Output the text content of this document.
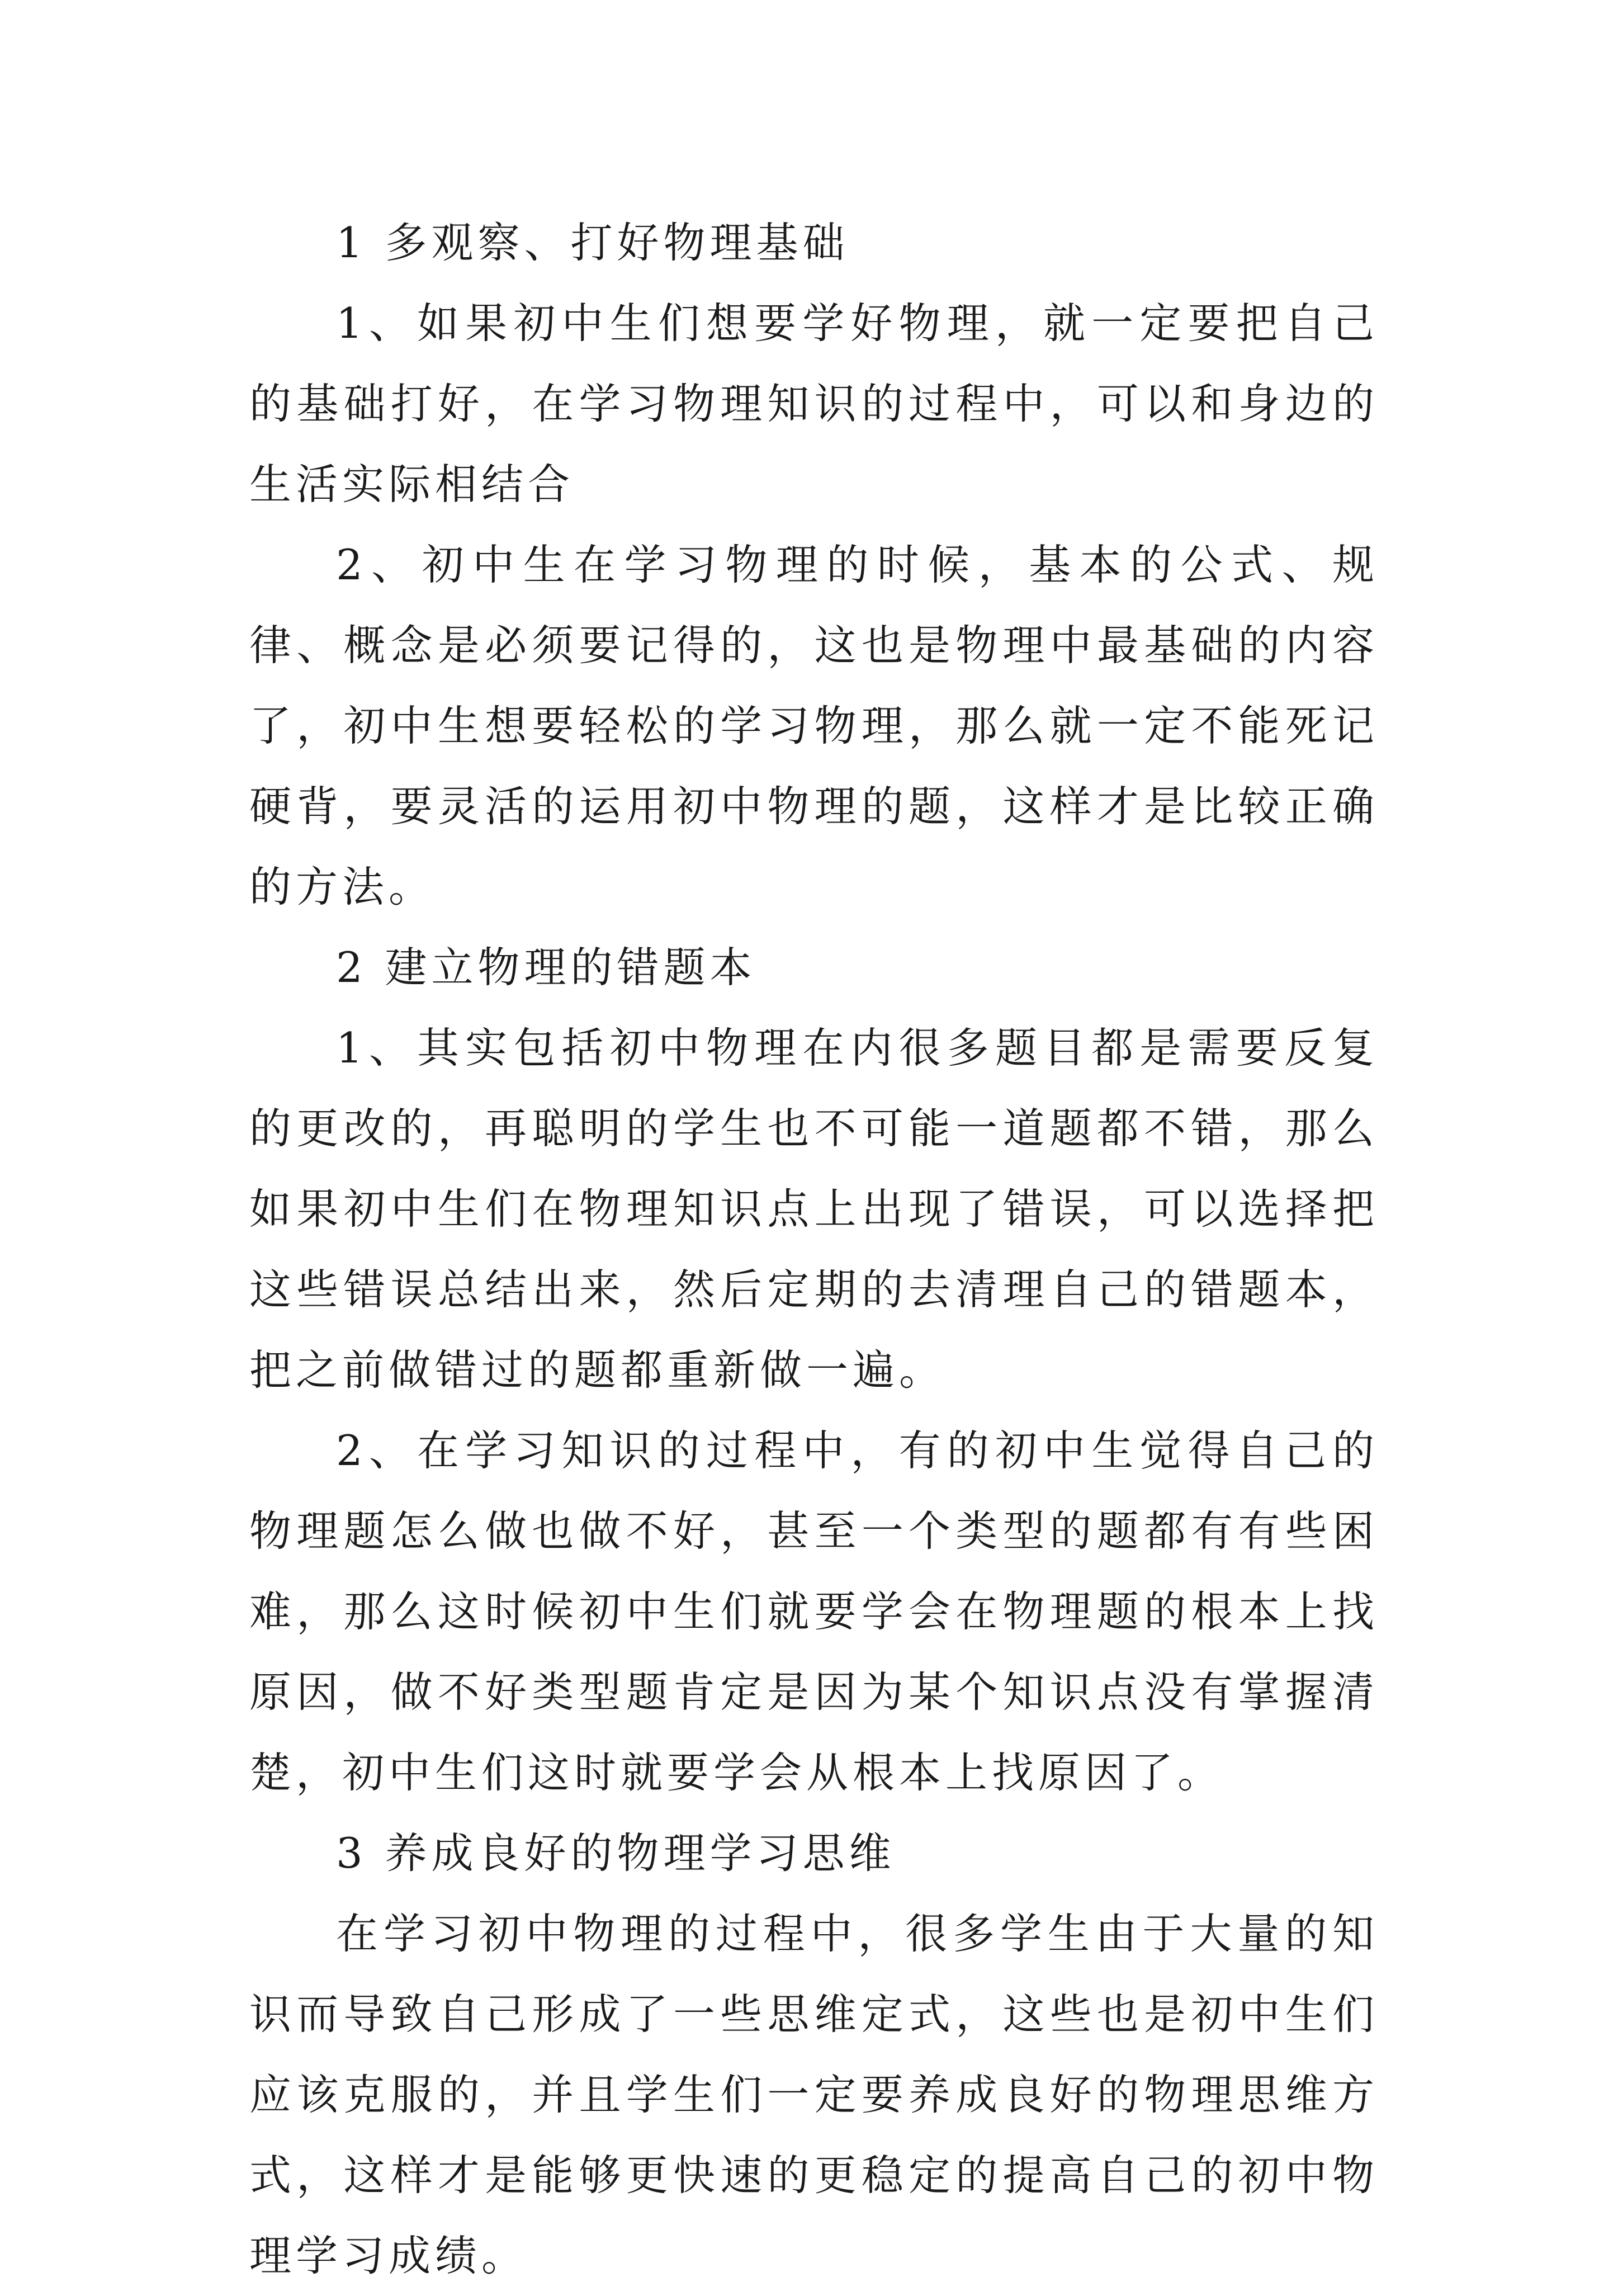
1 多观察、打好物理基础

1、如果初中生们想要学好物理，就一定要把自己的基础打好，在学习物理知识的过程中，可以和身边的生活实际相结合

2、初中生在学习物理的时候，基本的公式、规律、概念是必须要记得的，这也是物理中最基础的内容了，初中生想要轻松的学习物理，那么就一定不能死记硬背，要灵活的运用初中物理的题，这样才是比较正确的方法。

2 建立物理的错题本

1、其实包括初中物理在内很多题目都是需要反复的更改的，再聪明的学生也不可能一道题都不错，那么如果初中生们在物理知识点上出现了错误，可以选择把这些错误总结出来，然后定期的去清理自己的错题本，把之前做错过的题都重新做一遍。

2、在学习知识的过程中，有的初中生觉得自己的物理题怎么做也做不好，甚至一个类型的题都有有些困难，那么这时候初中生们就要学会在物理题的根本上找原因，做不好类型题肯定是因为某个知识点没有掌握清楚，初中生们这时就要学会从根本上找原因了。

3 养成良好的物理学习思维

在学习初中物理的过程中，很多学生由于大量的知识而导致自己形成了一些思维定式，这些也是初中生们应该克服的，并且学生们一定要养成良好的物理思维方式，这样才是能够更快速的更稳定的提高自己的初中物理学习成绩。
